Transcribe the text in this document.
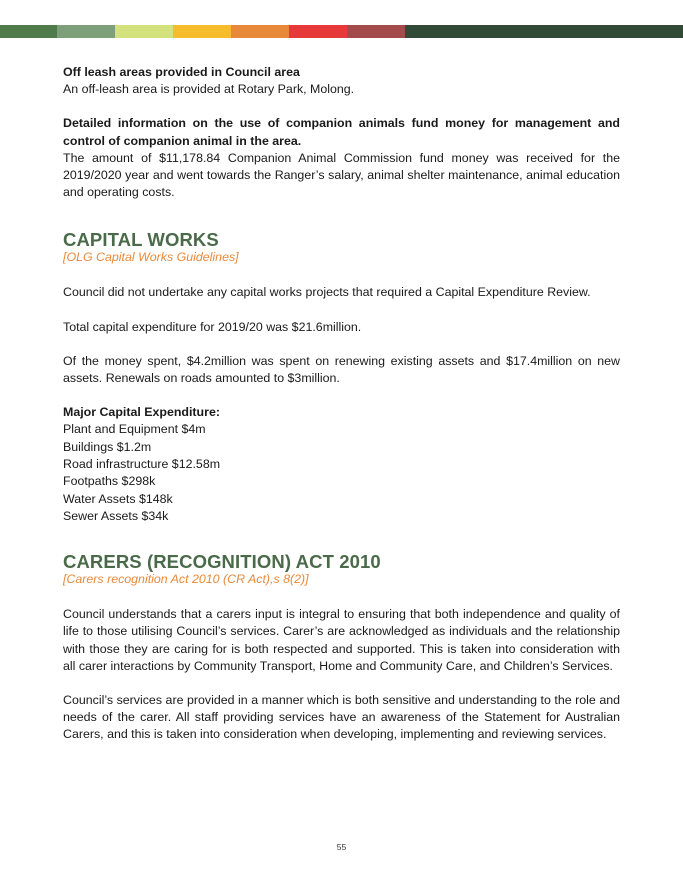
Off leash areas provided in Council area

An off-leash area is provided at Rotary Park, Molong.

Detailed information on the use of companion animals fund money for management and control of companion animal in the area.

The amount of $11,178.84 Companion Animal Commission fund money was received for the 2019/2020 year and went towards the Ranger’s salary, animal shelter maintenance, animal education and operating costs.

CAPITAL WORKS

[OLG Capital Works Guidelines]

Council did not undertake any capital works projects that required a Capital Expenditure Review.

Total capital expenditure for 2019/20 was $21.6million.

Of the money spent, $4.2million was spent on renewing existing assets and $17.4million on new assets. Renewals on roads amounted to $3million.

Major Capital Expenditure:

Plant and Equipment $4m
Buildings $1.2m
Road infrastructure $12.58m
Footpaths $298k
Water Assets $148k
Sewer Assets $34k
CARERS (RECOGNITION) ACT 2010

[Carers recognition Act 2010 (CR Act),s 8(2)]

Council understands that a carers input is integral to ensuring that both independence and quality of life to those utilising Council’s services. Carer’s are acknowledged as individuals and the relationship with those they are caring for is both respected and supported. This is taken into consideration with all carer interactions by Community Transport, Home and Community Care, and Children’s Services.

Council’s services are provided in a manner which is both sensitive and understanding to the role and needs of the carer. All staff providing services have an awareness of the Statement for Australian Carers, and this is taken into consideration when developing, implementing and reviewing services.

55
